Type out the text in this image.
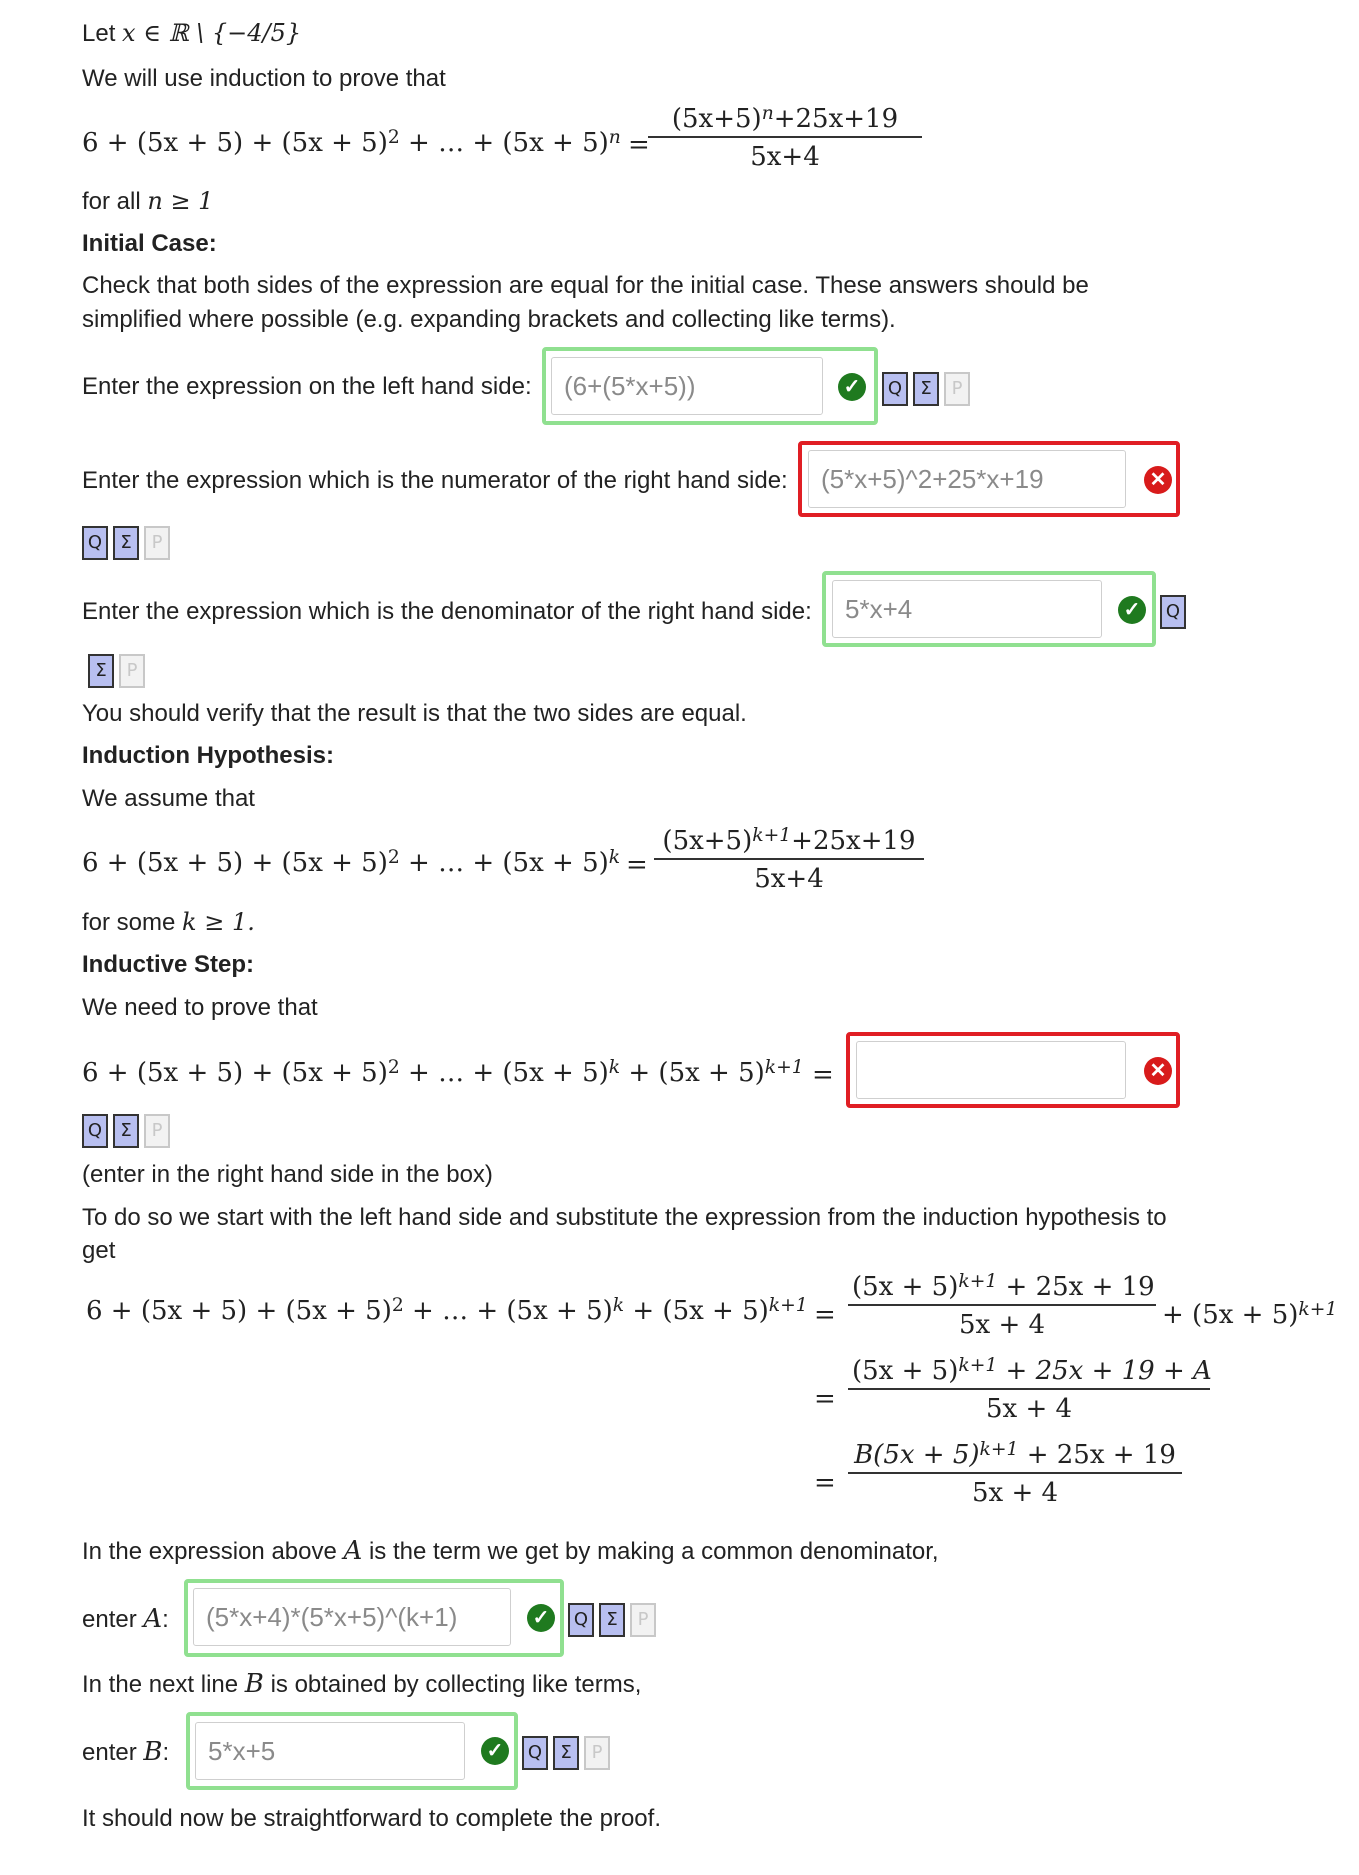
Let x ∈ ℝ \ {−4/5}
We will use induction to prove that
$6 + (5x + 5) + (5x + 5)^2$ + … + $(5x + 5)^n$ =
$(5x+5)^n+25x+19$
5x+4
for all n ≥ 1
Initial Case:
Check that both sides of the expression are equal for the initial case. These answers should be
simplified where possible (e.g. expanding brackets and collecting like terms).
Enter the expression on the left hand side:	(6+(5*x+5))	✓	Q	Σ	P
Enter the expression which is the numerator of the right hand side:	(5*x+5)^2+25*x+19	✕
Q	Σ	P
Enter the expression which is the denominator of the right hand side:	5*x+4	✓	Q
Σ	P
You should verify that the result is that the two sides are equal.
Induction Hypothesis:
We assume that
$6 + (5x + 5) + (5x + 5)^2$ + … + $(5x + 5)^k$ =
$(5x+5)^{k+1}+25x+19$
5x+4
for some k ≥ 1.
Inductive Step:
We need to prove that
$6 + (5x + 5) + (5x + 5)^2$ + … + $(5x + 5)^k + (5x + 5)^{k+1}$ =	✕
Q	Σ	P
(enter in the right hand side in the box)
To do so we start with the left hand side and substitute the expression from the induction hypothesis to
get
$6 + (5x + 5) + (5x + 5)^2$ + … + $(5x + 5)^k + (5x + 5)^{k+1}$ =
$(5x + 5)^{k+1} + 25x + 19$
5x + 4	+ $(5x + 5)^{k+1}$
=
$(5x + 5)^{k+1} + 25x + 19 + A$
5x + 4
=
$B(5x + 5)^{k+1} + 25x + 19$
5x + 4
In the expression above A is the term we get by making a common denominator,
enter A:	(5*x+4)*(5*x+5)^(k+1)	✓	Q	Σ	P
In the next line B is obtained by collecting like terms,
enter B:	5*x+5	✓	Q	Σ	P
It should now be straightforward to complete the proof.
